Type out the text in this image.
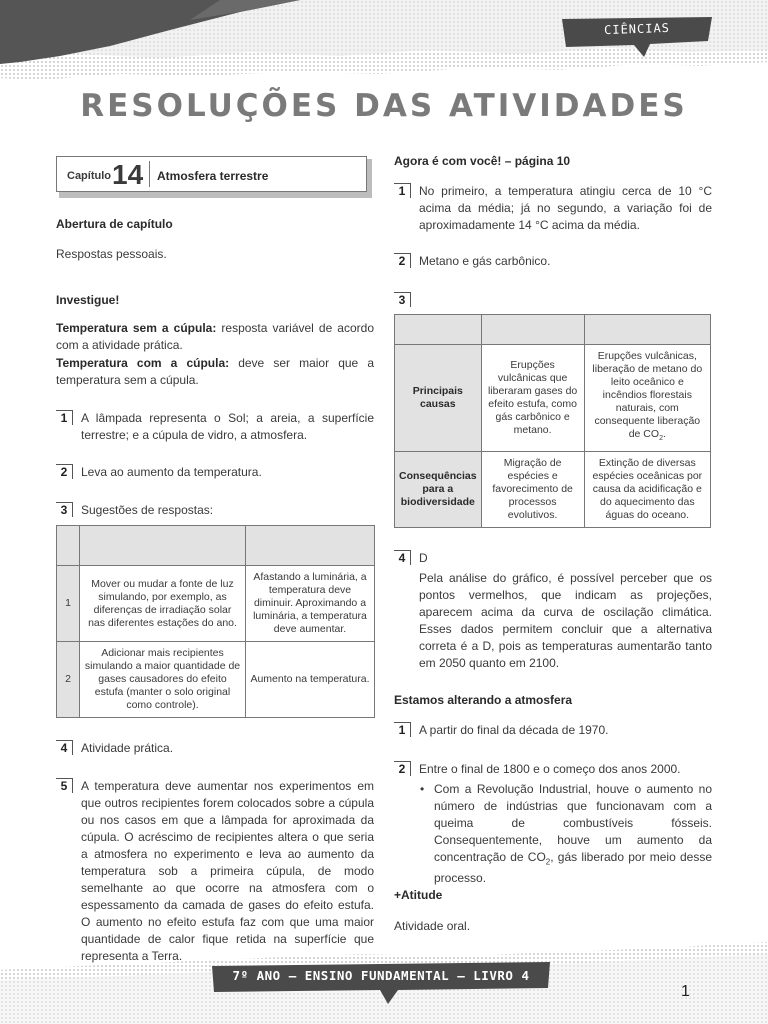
CIÊNCIAS
RESOLUÇÕES DAS ATIVIDADES
Capítulo 14 Atmosfera terrestre
Abertura de capítulo
Respostas pessoais.
Investigue!
Temperatura sem a cúpula: resposta variável de acordo com a atividade prática.
Temperatura com a cúpula: deve ser maior que a temperatura sem a cúpula.
1	A lâmpada representa o Sol; a areia, a superfície terrestre; e a cúpula de vidro, a atmosfera.
2	Leva ao aumento da temperatura.
3	Sugestões de respostas:

1	Mover ou mudar a fonte de luz simulando, por exemplo, as diferenças de irradiação solar nas diferentes estações do ano.	Afastando a luminária, a temperatura deve diminuir. Aproximando a luminária, a temperatura deve aumentar.
2	Adicionar mais recipientes simulando a maior quantidade de gases causadores do efeito estufa (manter o solo original como controle).	Aumento na temperatura.
4	Atividade prática.
5	A temperatura deve aumentar nos experimentos em que outros recipientes forem colocados sobre a cúpula ou nos casos em que a lâmpada for aproximada da cúpula. O acréscimo de recipientes altera o que seria a atmosfera no experimento e leva ao aumento da temperatura sob a primeira cúpula, de modo semelhante ao que ocorre na atmosfera com o espessamento da camada de gases do efeito estufa. O aumento no efeito estufa faz com que uma maior quantidade de calor fique retida na superfície que representa a Terra.
Agora é com você! – página 10
1	No primeiro, a temperatura atingiu cerca de 10 °C acima da média; já no segundo, a variação foi de aproximadamente 14 °C acima da média.
2	Metano e gás carbônico.
3

Principais causas	Erupções vulcânicas que liberaram gases do efeito estufa, como gás carbônico e metano.	Erupções vulcânicas, liberação de metano do leito oceânico e incêndios florestais naturais, com consequente liberação de $CO_2$.
Consequências para a biodiversidade	Migração de espécies e favorecimento de processos evolutivos.	Extinção de diversas espécies oceânicas por causa da acidificação e do aquecimento das águas do oceano.
4	D
Pela análise do gráfico, é possível perceber que os pontos vermelhos, que indicam as projeções, aparecem acima da curva de oscilação climática. Esses dados permitem concluir que a alternativa correta é a D, pois as temperaturas aumentarão tanto em 2050 quanto em 2100.
Estamos alterando a atmosfera
1	A partir do final da década de 1970.
2	Entre o final de 1800 e o começo dos anos 2000.
• Com a Revolução Industrial, houve o aumento no número de indústrias que funcionavam com a queima de combustíveis fósseis. Consequentemente, houve um aumento da concentração de $CO_2$, gás liberado por meio desse processo.
+Atitude
Atividade oral.
7º ANO – ENSINO FUNDAMENTAL – LIVRO 4
1
